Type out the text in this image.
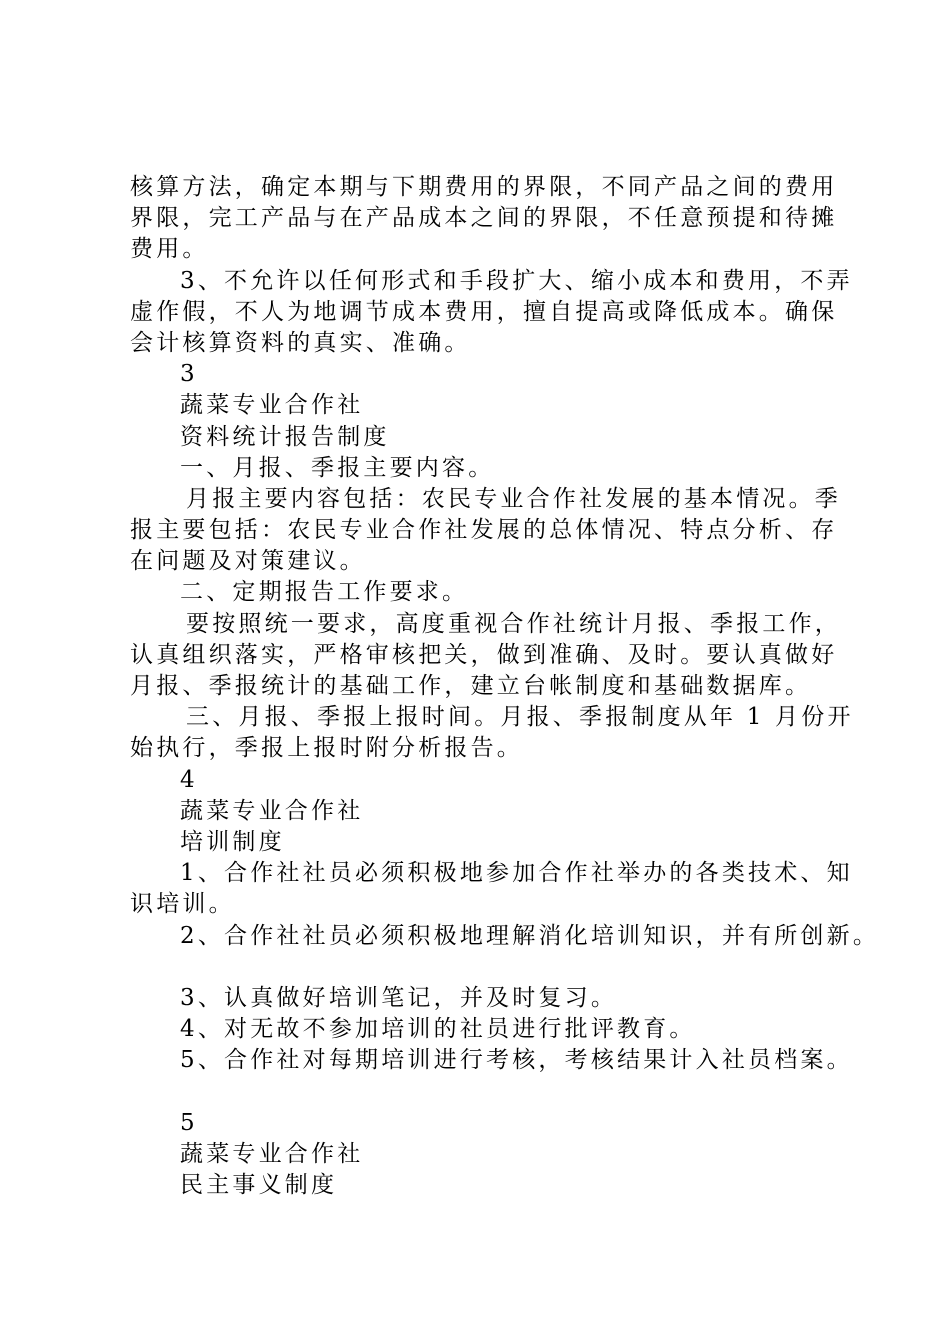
核算方法，确定本期与下期费用的界限，不同产品之间的费用
界限，完工产品与在产品成本之间的界限，不任意预提和待摊
费用。
3、不允许以任何形式和手段扩大、缩小成本和费用，不弄
虚作假，不人为地调节成本费用，擅自提高或降低成本。确保
会计核算资料的真实、准确。
3
蔬菜专业合作社
资料统计报告制度
一、月报、季报主要内容。
月报主要内容包括：农民专业合作社发展的基本情况。季
报主要包括：农民专业合作社发展的总体情况、特点分析、存
在问题及对策建议。
二、定期报告工作要求。
要按照统一要求，高度重视合作社统计月报、季报工作，
认真组织落实，严格审核把关，做到准确、及时。要认真做好
月报、季报统计的基础工作，建立台帐制度和基础数据库。
三、月报、季报上报时间。月报、季报制度从年 1 月份开
始执行，季报上报时附分析报告。
4
蔬菜专业合作社
培训制度
1、合作社社员必须积极地参加合作社举办的各类技术、知
识培训。
2、合作社社员必须积极地理解消化培训知识，并有所创新。
3、认真做好培训笔记，并及时复习。
4、对无故不参加培训的社员进行批评教育。
5、合作社对每期培训进行考核，考核结果计入社员档案。
5
蔬菜专业合作社
民主事义制度
